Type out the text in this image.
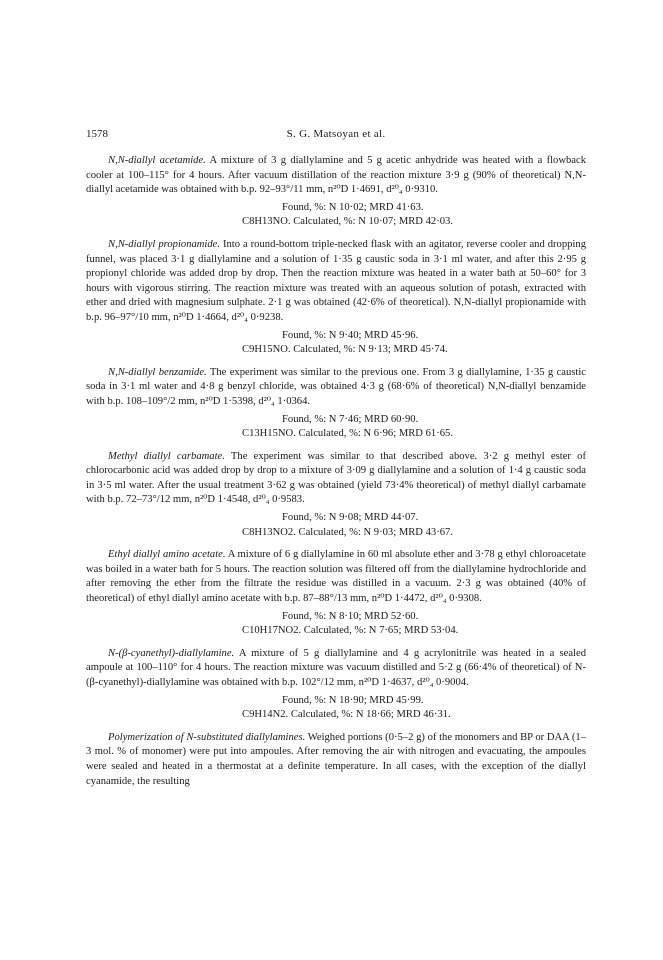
1578	S. G. Matsoyan et al.

N,N-diallyl acetamide. A mixture of 3 g diallylamine and 5 g acetic anhydride was heated with a flowback cooler at 100–115° for 4 hours. After vacuum distillation of the reaction mixture 3·9 g (90% of theoretical) N,N-diallyl acetamide was obtained with b.p. 92–93°/11 mm, n²⁰D 1·4691, d²⁰₄ 0·9310.

Found, %: N 10·02; MRD 41·63.
C8H13NO. Calculated, %: N 10·07; MRD 42·03.

N,N-diallyl propionamide. Into a round-bottom triple-necked flask with an agitator, reverse cooler and dropping funnel, was placed 3·1 g diallylamine and a solution of 1·35 g caustic soda in 3·1 ml water, and after this 2·95 g propionyl chloride was added drop by drop. Then the reaction mixture was heated in a water bath at 50–60° for 3 hours with vigorous stirring. The reaction mixture was treated with an aqueous solution of potash, extracted with ether and dried with magnesium sulphate. 2·1 g was obtained (42·6% of theoretical). N,N-diallyl propionamide with b.p. 96–97°/10 mm, n²⁰D 1·4664, d²⁰₄ 0·9238.

Found, %: N 9·40; MRD 45·96.
C9H15NO. Calculated, %: N 9·13; MRD 45·74.

N,N-diallyl benzamide. The experiment was similar to the previous one. From 3 g diallylamine, 1·35 g caustic soda in 3·1 ml water and 4·8 g benzyl chloride, was obtained 4·3 g (68·6% of theoretical) N,N-diallyl benzamide with b.p. 108–109°/2 mm, n²⁰D 1·5398, d²⁰₄ 1·0364.

Found, %: N 7·46; MRD 60·90.
C13H15NO. Calculated, %: N 6·96; MRD 61·65.

Methyl diallyl carbamate. The experiment was similar to that described above. 3·2 g methyl ester of chlorocarbonic acid was added drop by drop to a mixture of 3·09 g diallylamine and a solution of 1·4 g caustic soda in 3·5 ml water. After the usual treatment 3·62 g was obtained (yield 73·4% theoretical) of methyl diallyl carbamate with b.p. 72–73°/12 mm, n²⁰D 1·4548, d²⁰₄ 0·9583.

Found, %: N 9·08; MRD 44·07.
C8H13NO2. Calculated, %: N 9·03; MRD 43·67.

Ethyl diallyl amino acetate. A mixture of 6 g diallylamine in 60 ml absolute ether and 3·78 g ethyl chloroacetate was boiled in a water bath for 5 hours. The reaction solution was filtered off from the diallylamine hydrochloride and after removing the ether from the filtrate the residue was distilled in a vacuum. 2·3 g was obtained (40% of theoretical) of ethyl diallyl amino acetate with b.p. 87–88°/13 mm, n²⁰D 1·4472, d²⁰₄ 0·9308.

Found, %: N 8·10; MRD 52·60.
C10H17NO2. Calculated, %: N 7·65; MRD 53·04.

N-(β-cyanethyl)-diallylamine. A mixture of 5 g diallylamine and 4 g acrylonitrile was heated in a sealed ampoule at 100–110° for 4 hours. The reaction mixture was vacuum distilled and 5·2 g (66·4% of theoretical) of N-(β-cyanethyl)-diallylamine was obtained with b.p. 102°/12 mm, n²⁰D 1·4637, d²⁰₄ 0·9004.

Found, %: N 18·90; MRD 45·99.
C9H14N2. Calculated, %: N 18·66; MRD 46·31.

Polymerization of N-substituted diallylamines. Weighed portions (0·5–2 g) of the monomers and BP or DAA (1–3 mol. % of monomer) were put into ampoules. After removing the air with nitrogen and evacuating, the ampoules were sealed and heated in a thermostat at a definite temperature. In all cases, with the exception of the diallyl cyanamide, the resulting
